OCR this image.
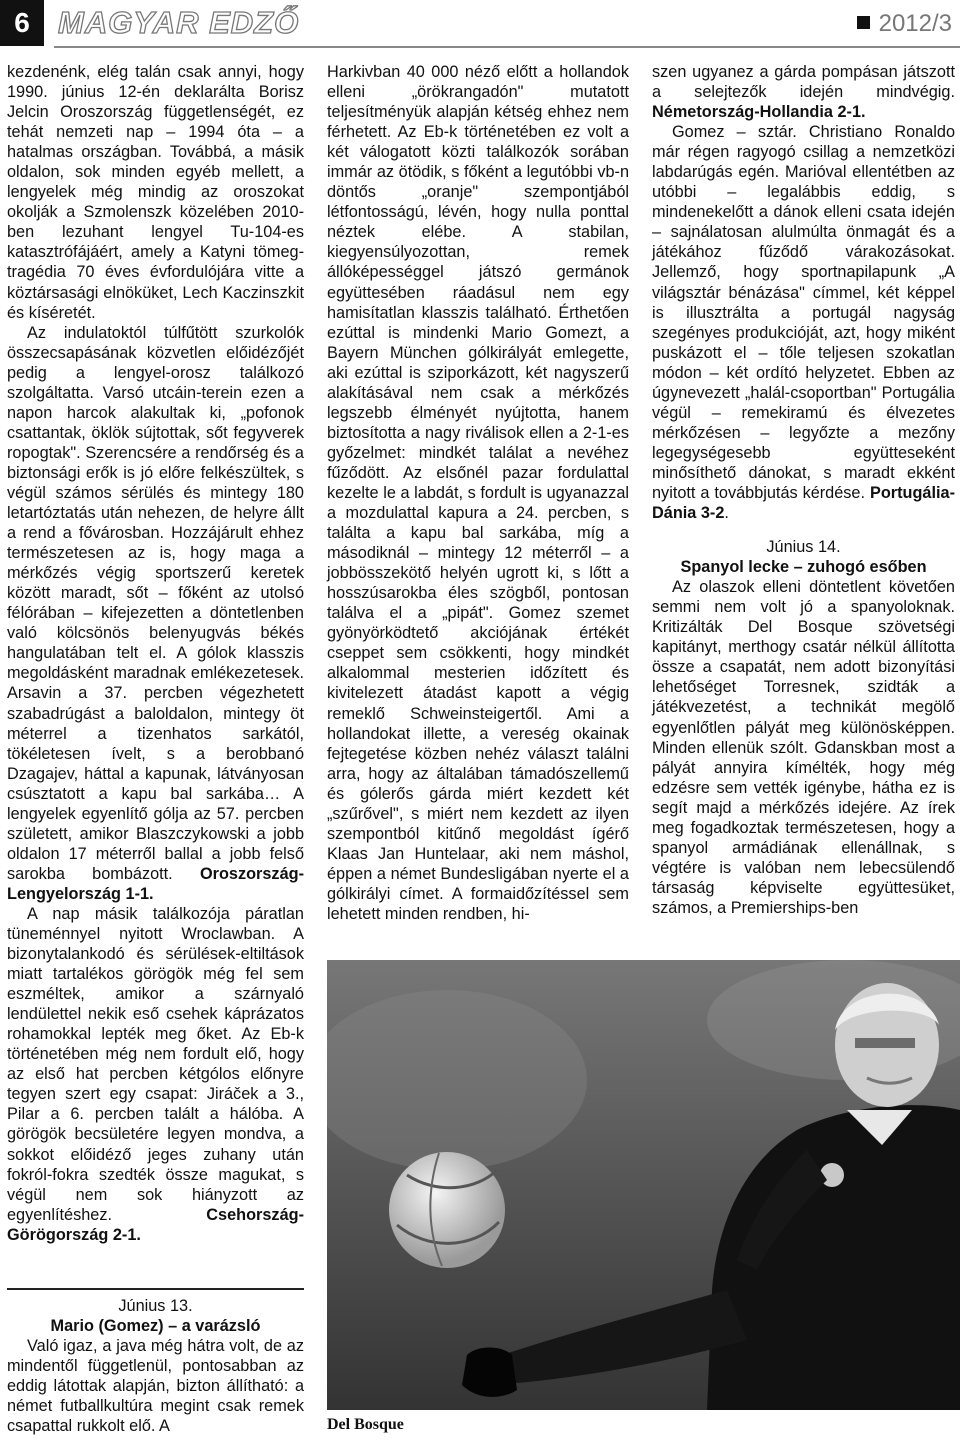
6 MAGYAR EDZŐ	2012/3

kezdenénk, elég talán csak annyi, hogy 1990. június 12-én deklarálta Borisz Jelcin Oroszország függetlenségét, ez tehát nemzeti nap – 1994 óta – a hatalmas országban. Továbbá, a másik oldalon, sok minden egyéb mellett, a lengyelek még mindig az oroszokat okolják a Szmolenszk közelében 2010-ben lezuhant lengyel Tu-104-es katasztrófájáért, amely a Katyni tömeg-tragédia 70 éves évfordulójára vitte a köztársasági elnöküket, Lech Kaczinszkit és kíséretét.

Az indulatoktól túlfűtött szurkolók összecsapásának közvetlen előidézőjét pedig a lengyel-orosz találkozó szolgáltatta. Varsó utcáin-terein ezen a napon harcok alakultak ki, „pofonok csattantak, öklök sújtottak, sőt fegyverek ropogtak". Szerencsére a rendőrség és a biztonsági erők is jó előre felkészültek, s végül számos sérülés és mintegy 180 letartóztatás után nehezen, de helyre állt a rend a fővárosban. Hozzájárult ehhez természetesen az is, hogy maga a mérkőzés végig sportszerű keretek között maradt, sőt – főként az utolsó félórában – kifejezetten a döntetlenben való kölcsönös belenyugvás békés hangulatában telt el. A gólok klasszis megoldásként maradnak emlékezetesek. Arsavin a 37. percben végezhetett szabadrúgást a baloldalon, mintegy öt méterrel a tizenhatos sarkától, tökéletesen ívelt, s a berobbanó Dzagajev, háttal a kapunak, látványosan csúsztatott a kapu bal sarkába… A lengyelek egyenlítő gólja az 57. percben született, amikor Blaszczykowski a jobb oldalon 17 méterről ballal a jobb felső sarokba bombázott. Oroszország-Lengyelország 1-1.

A nap másik találkozója páratlan tüneménnyel nyitott Wroclawban. A bizonytalankodó és sérülések-eltiltások miatt tartalékos görögök még fel sem eszméltek, amikor a szárnyaló lendülettel nekik eső csehek káprázatos rohamokkal lepték meg őket. Az Eb-k történetében még nem fordult elő, hogy az első hat percben kétgólos előnyre tegyen szert egy csapat: Jiráček a 3., Pilar a 6. percben talált a hálóba. A görögök becsületére legyen mondva, a sokkot előidéző jeges zuhany után fokról-fokra szedték össze magukat, s végül nem sok hiányzott az egyenlítéshez. Csehország-Görögország 2-1.

Június 13.
Mario (Gomez) – a varázsló

Való igaz, a java még hátra volt, de az mindentől függetlenül, pontosabban az eddig látottak alapján, bizton állítható: a német futballkultúra megint csak remek csapattal rukkolt elő. A

Harkivban 40 000 néző előtt a hollandok elleni „örökrangadón" mutatott teljesítményük alapján kétség ehhez nem férhetett. Az Eb-k történetében ez volt a két válogatott közti találkozók sorában immár az ötödik, s főként a legutóbbi vb-n döntős „oranje" szempontjából létfontosságú, lévén, hogy nulla ponttal néztek elébe. A stabilan, kiegyensúlyozottan, remek állóképességgel játszó germánok együttesében ráadásul nem egy hamisítatlan klasszis található. Érthetően ezúttal is mindenki Mario Gomezt, a Bayern München gólkirályát emlegette, aki ezúttal is sziporkázott, két nagyszerű alakításával nem csak a mérkőzés legszebb élményét nyújtotta, hanem biztosította a nagy riválisok ellen a 2-1-es győzelmet: mindkét találat a nevéhez fűződött. Az elsőnél pazar fordulattal kezelte le a labdát, s fordult is ugyanazzal a mozdulattal kapura a 24. percben, s találta a kapu bal sarkába, míg a másodiknál – mintegy 12 méterről – a jobbösszekötő helyén ugrott ki, s lőtt a hosszúsarokba éles szögből, pontosan találva el a „pipát". Gomez szemet gyönyörködtető akciójának értékét cseppet sem csökkenti, hogy mindkét alkalommal mesterien időzített és kivitelezett átadást kapott a végig remeklő Schweinsteigertől. Ami a hollandokat illette, a vereség okainak fejtegetése közben nehéz választ találni arra, hogy az általában támadószellemű és gólerős gárda miért kezdett két „szűrővel", s miért nem kezdett az ilyen szempontból kitűnő megoldást ígérő Klaas Jan Huntelaar, aki nem máshol, éppen a német Bundesligában nyerte el a gólkirályi címet. A formaidőzítéssel sem lehetett minden rendben, hi-

szen ugyanez a gárda pompásan játszott a selejtezők idején mindvégig. Németország-Hollandia 2-1.

Gomez – sztár. Christiano Ronaldo már régen ragyogó csillag a nemzetközi labdarúgás egén. Marióval ellentétben az utóbbi – legalábbis eddig, s mindenekelőtt a dánok elleni csata idején – sajnálatosan alulmúlta önmagát és a játékához fűződő várakozásokat. Jellemző, hogy sportnapilapunk „A világsztár bénázása" címmel, két képpel is illusztrálta a portugál nagyság szegényes produkcióját, azt, hogy miként puskázott el – tőle teljesen szokatlan módon – két ordító helyzetet. Ebben az úgynevezett „halál-csoportban" Portugália végül – remekiramú és élvezetes mérkőzésen – legyőzte a mezőny legegységesebb együtteseként minősíthető dánokat, s maradt ekként nyitott a továbbjutás kérdése. Portugália-Dánia 3-2.

Június 14.
Spanyol lecke – zuhogó esőben

Az olaszok elleni döntetlent követően semmi nem volt jó a spanyoloknak. Kritizálták Del Bosque szövetségi kapitányt, merthogy csatár nélkül állította össze a csapatát, nem adott bizonyítási lehetőséget Torresnek, szidták a játékvezetést, a technikát megölő egyenlőtlen pályát meg különösképpen. Minden ellenük szólt. Gdanskban most a pályát annyira kímélték, hogy még edzésre sem vették igénybe, hátha ez is segít majd a mérkőzés idejére. Az írek meg fogadkoztak természetesen, hogy a spanyol armádiának ellenállnak, s végtére is valóban nem lebecsülendő társaság képviselte együttesüket, számos, a Premierships-ben

Del Bosque
